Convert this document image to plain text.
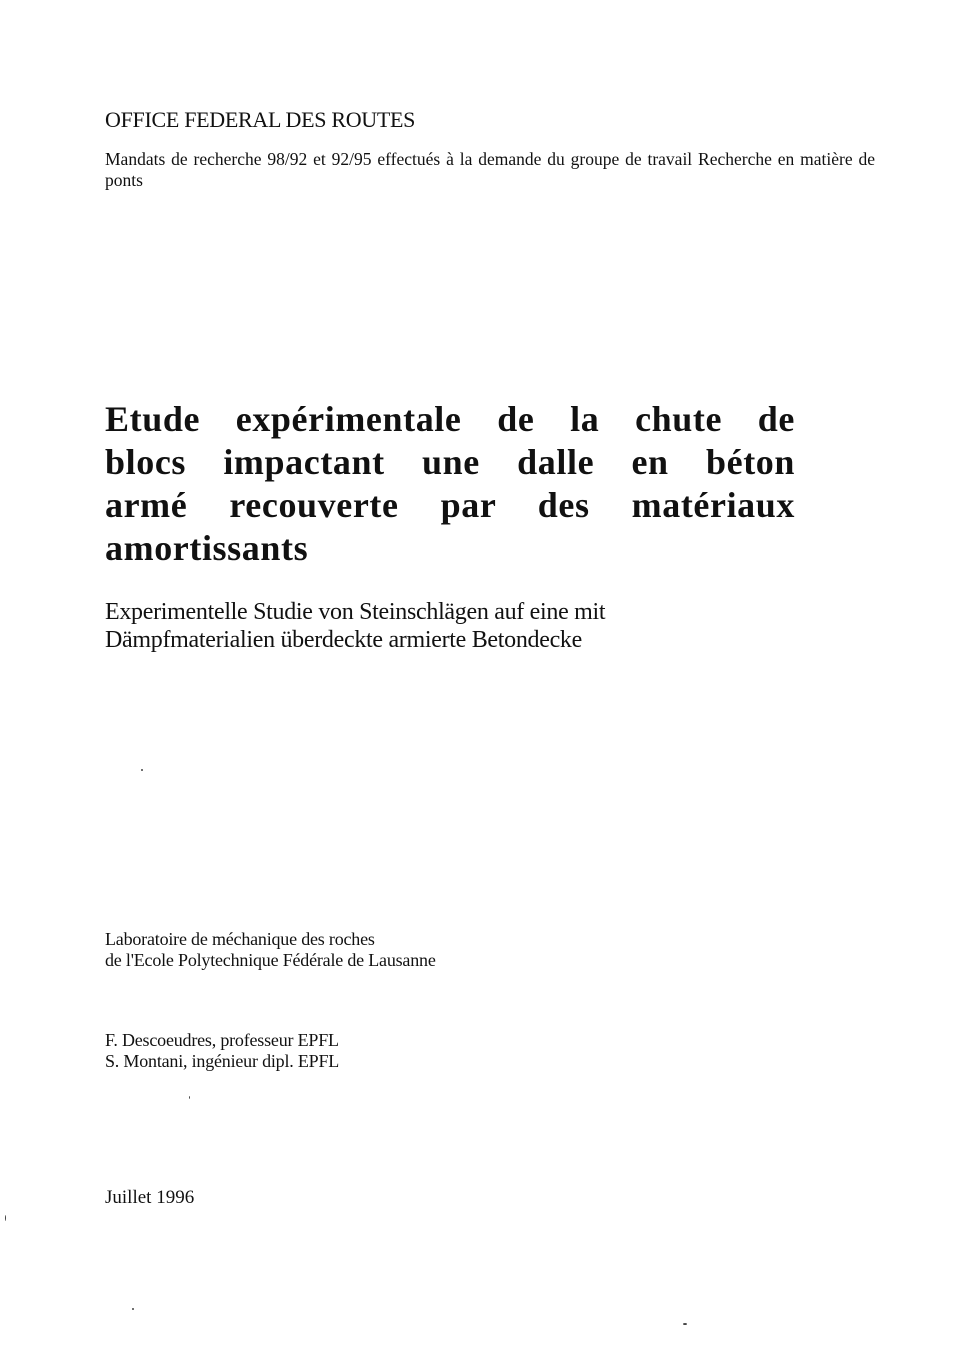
OFFICE FEDERAL DES ROUTES
Mandats de recherche 98/92 et 92/95 effectués à la demande du groupe de travail Recherche en matière de ponts
Etude expérimentale de la chute de
blocs impactant une dalle en béton
armé recouverte par des matériaux
amortissants
Experimentelle Studie von Steinschlägen auf eine mit
Dämpfmaterialien überdeckte armierte Betondecke
Laboratoire de méchanique des roches
de l'Ecole Polytechnique Fédérale de Lausanne
F. Descoeudres, professeur EPFL
S. Montani, ingénieur dipl. EPFL
Juillet 1996
